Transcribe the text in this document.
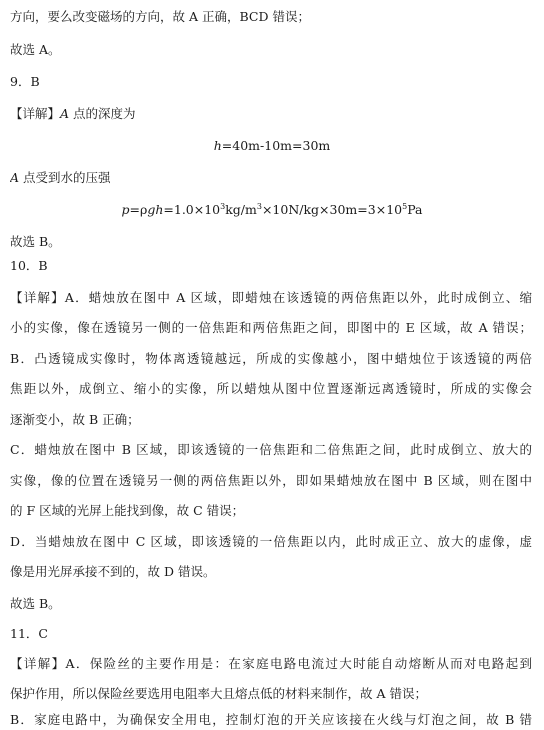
方向，要么改变磁场的方向，故 A 正确，BCD 错误；
故选 A。
9．B
【详解】A 点的深度为
h=40m-10m=30m
A 点受到水的压强
$p=\rho gh=1.0\times 10^3kg/m^3\times 10N/kg\times 30m=3\times 10^5Pa$
故选 B。
10．B
【详解】A．蜡烛放在图中 A 区域，即蜡烛在该透镜的两倍焦距以外，此时成倒立、缩
小的实像，像在透镜另一侧的一倍焦距和两倍焦距之间，即图中的 E 区域，故 A 错误；
B．凸透镜成实像时，物体离透镜越远，所成的实像越小，图中蜡烛位于该透镜的两倍
焦距以外，成倒立、缩小的实像，所以蜡烛从图中位置逐渐远离透镜时，所成的实像会
逐渐变小，故 B 正确；
C．蜡烛放在图中 B 区域，即该透镜的一倍焦距和二倍焦距之间，此时成倒立、放大的
实像，像的位置在透镜另一侧的两倍焦距以外，即如果蜡烛放在图中 B 区域，则在图中
的 F 区域的光屏上能找到像，故 C 错误；
D．当蜡烛放在图中 C 区域，即该透镜的一倍焦距以内，此时成正立、放大的虚像，虚
像是用光屏承接不到的，故 D 错误。
故选 B。
11．C
【详解】A．保险丝的主要作用是：在家庭电路电流过大时能自动熔断从而对电路起到
保护作用，所以保险丝要选用电阻率大且熔点低的材料来制作，故 A 错误；
B．家庭电路中，为确保安全用电，控制灯泡的开关应该接在火线与灯泡之间，故 B 错
